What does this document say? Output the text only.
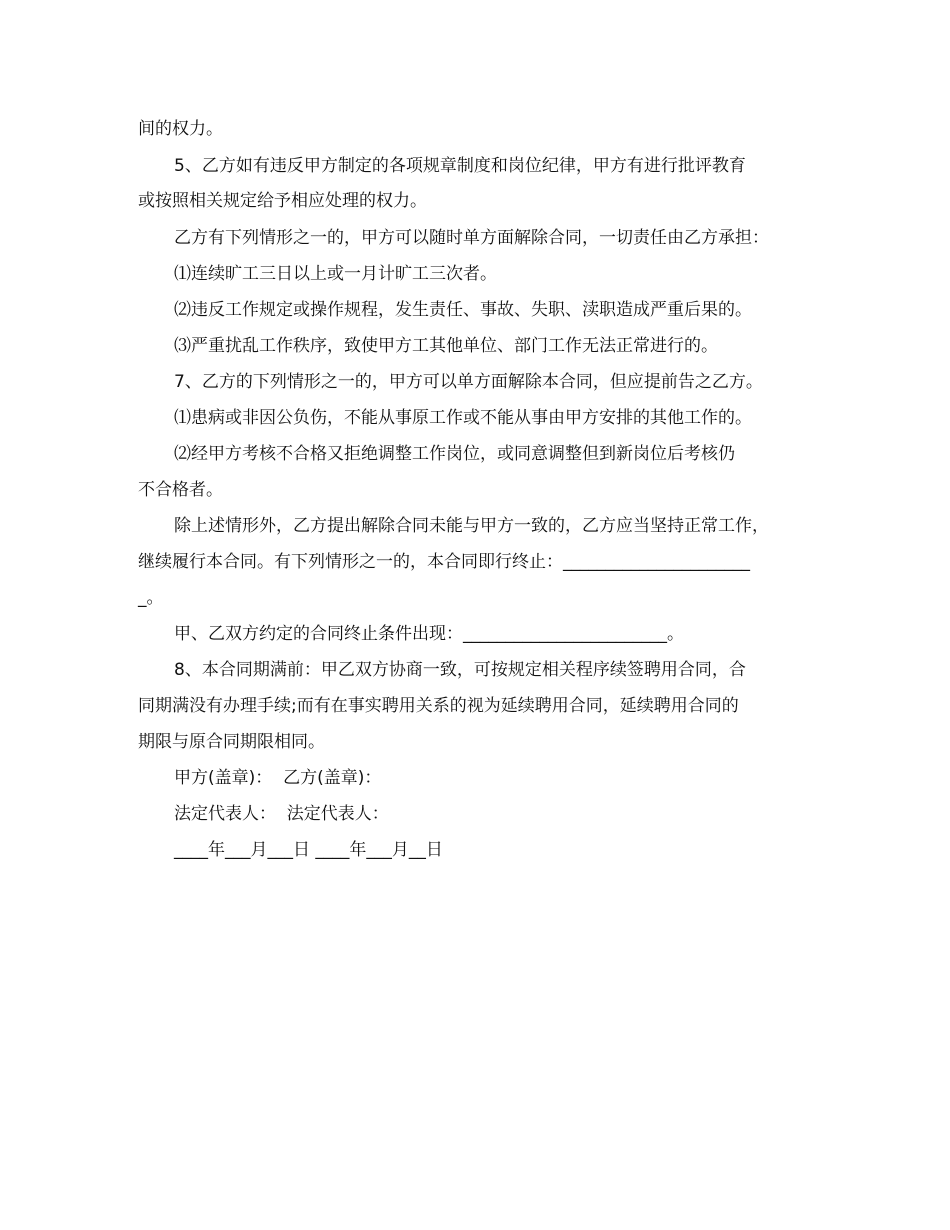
间的权力。
5、乙方如有违反甲方制定的各项规章制度和岗位纪律，甲方有进行批评教育
或按照相关规定给予相应处理的权力。
乙方有下列情形之一的，甲方可以随时单方面解除合同，一切责任由乙方承担：
⑴连续旷工三日以上或一月计旷工三次者。
⑵违反工作规定或操作规程，发生责任、事故、失职、渎职造成严重后果的。
⑶严重扰乱工作秩序，致使甲方工其他单位、部门工作无法正常进行的。
7、乙方的下列情形之一的，甲方可以单方面解除本合同，但应提前告之乙方。
⑴患病或非因公负伤，不能从事原工作或不能从事由甲方安排的其他工作的。
⑵经甲方考核不合格又拒绝调整工作岗位，或同意调整但到新岗位后考核仍
不合格者。
除上述情形外，乙方提出解除合同未能与甲方一致的，乙方应当坚持正常工作，
继续履行本合同。有下列情形之一的，本合同即行终止：______________________
_。
甲、乙双方约定的合同终止条件出现：________________________。
8、本合同期满前：甲乙双方协商一致，可按规定相关程序续签聘用合同，合
同期满没有办理手续;而有在事实聘用关系的视为延续聘用合同，延续聘用合同的
期限与原合同期限相同。
甲方(盖章)：  乙方(盖章)：
法定代表人：  法定代表人：
____年___月___日 ____年___月__日
